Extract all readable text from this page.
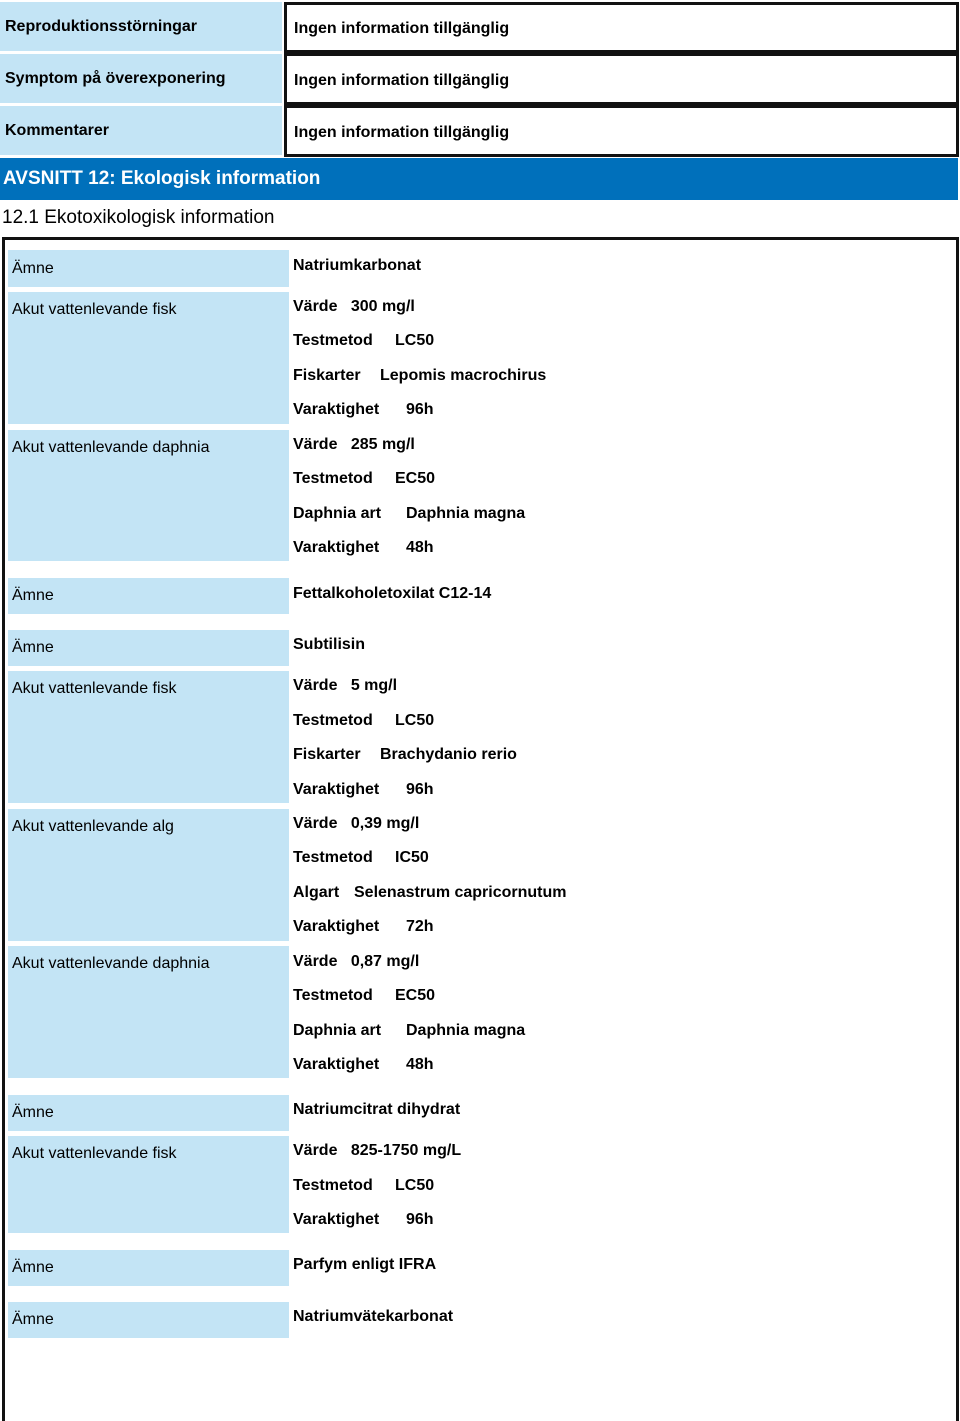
Reproduktionsstörningar	Ingen information tillgänglig
Symptom på överexponering	Ingen information tillgänglig
Kommentarer	Ingen information tillgänglig
AVSNITT 12: Ekologisk information
12.1 Ekotoxikologisk information
Ämne	Natriumkarbonat
Akut vattenlevande fisk	Värde 300 mg/l
Testmetod LC50
Fiskarter Lepomis macrochirus
Varaktighet 96h
Akut vattenlevande daphnia	Värde 285 mg/l
Testmetod EC50
Daphnia art Daphnia magna
Varaktighet 48h
Ämne	Fettalkoholetoxilat C12-14
Ämne	Subtilisin
Akut vattenlevande fisk	Värde 5 mg/l
Testmetod LC50
Fiskarter Brachydanio rerio
Varaktighet 96h
Akut vattenlevande alg	Värde 0,39 mg/l
Testmetod IC50
Algart Selenastrum capricornutum
Varaktighet 72h
Akut vattenlevande daphnia	Värde 0,87 mg/l
Testmetod EC50
Daphnia art Daphnia magna
Varaktighet 48h
Ämne	Natriumcitrat dihydrat
Akut vattenlevande fisk	Värde 825-1750 mg/L
Testmetod LC50
Varaktighet 96h
Ämne	Parfym enligt IFRA
Ämne	Natriumvätekarbonat
